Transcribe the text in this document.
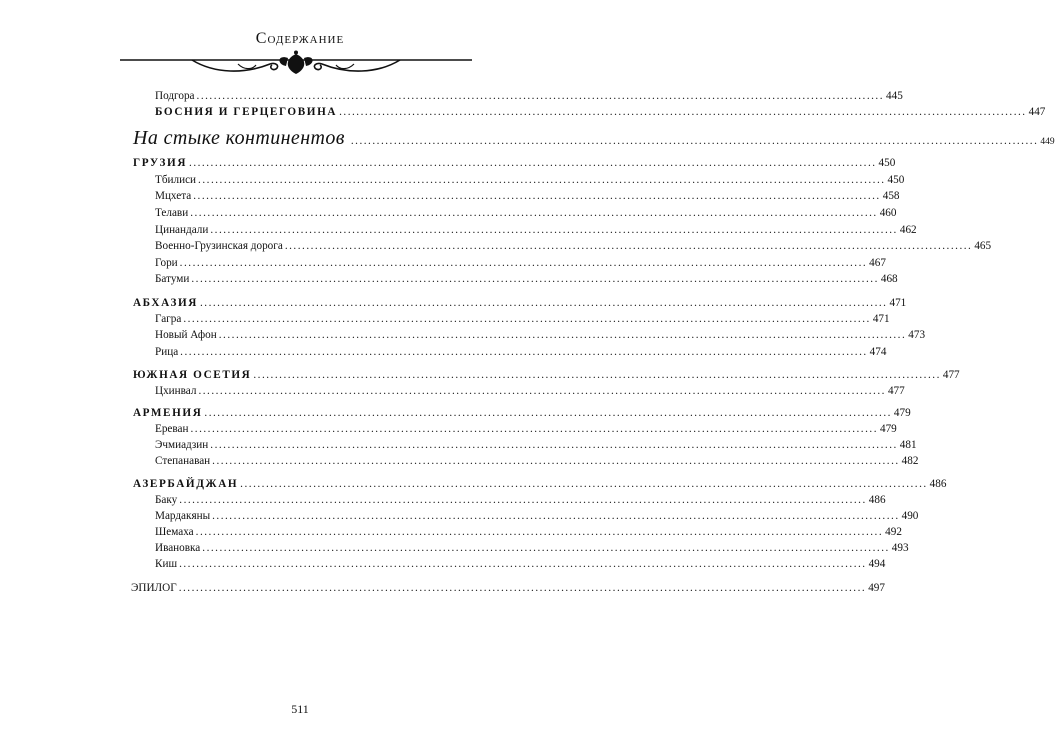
Содержание
Подгора ................................................................................................................................................................ 445
БОСНИЯ И ГЕРЦЕГОВИНА ................................................................................................................................................................ 447
На стыке континентов ................................................................................................................................................................ 449
ГРУЗИЯ ................................................................................................................................................................ 450
Тбилиси ................................................................................................................................................................ 450
Мцхета ................................................................................................................................................................ 458
Телави ................................................................................................................................................................ 460
Цинандали ................................................................................................................................................................ 462
Военно-Грузинская дорога ................................................................................................................................................................ 465
Гори ................................................................................................................................................................ 467
Батуми ................................................................................................................................................................ 468
АБХАЗИЯ ................................................................................................................................................................ 471
Гагра ................................................................................................................................................................ 471
Новый Афон ................................................................................................................................................................ 473
Рица ................................................................................................................................................................ 474
ЮЖНАЯ ОСЕТИЯ ................................................................................................................................................................ 477
Цхинвал ................................................................................................................................................................ 477
АРМЕНИЯ ................................................................................................................................................................ 479
Ереван ................................................................................................................................................................ 479
Эчмиадзин ................................................................................................................................................................ 481
Степанаван ................................................................................................................................................................ 482
АЗЕРБАЙДЖАН ................................................................................................................................................................ 486
Баку ................................................................................................................................................................ 486
Мардакяны ................................................................................................................................................................ 490
Шемаха ................................................................................................................................................................ 492
Ивановка ................................................................................................................................................................ 493
Киш ................................................................................................................................................................ 494
ЭПИЛОГ ................................................................................................................................................................ 497
511
